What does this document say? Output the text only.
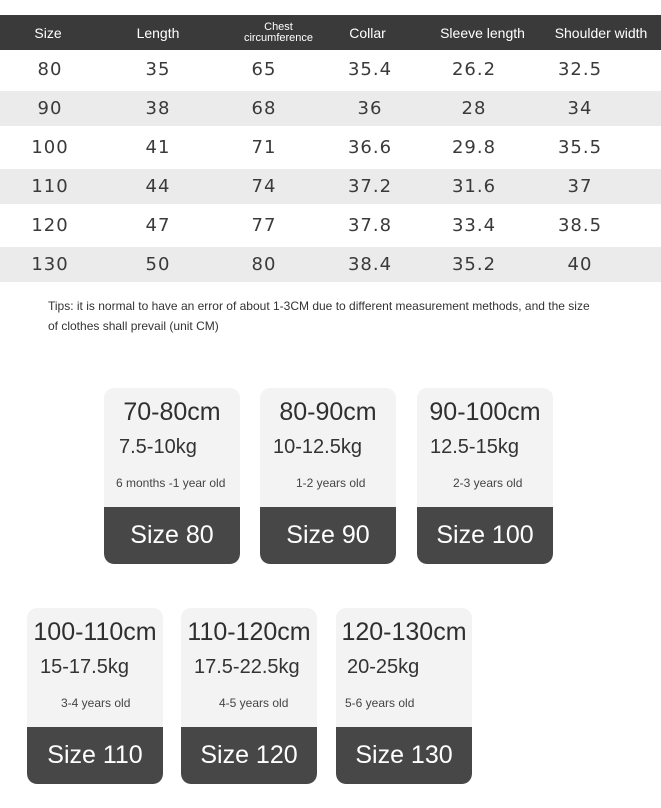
Size	Length	Chest circumference	Collar	Sleeve length	Shoulder width
80	35	65	35.4	26.2	32.5
90	38	68	36	28	34
100	41	71	36.6	29.8	35.5
110	44	74	37.2	31.6	37
120	47	77	37.8	33.4	38.5
130	50	80	38.4	35.2	40
Tips: it is normal to have an error of about 1-3CM due to different measurement methods, and the size
of clothes shall prevail (unit CM)
70-80cm
7.5-10kg
6 months -1 year old
Size 80
80-90cm
10-12.5kg
1-2 years old
Size 90
90-100cm
12.5-15kg
2-3 years old
Size 100
100-110cm
15-17.5kg
3-4 years old
Size 110
110-120cm
17.5-22.5kg
4-5 years old
Size 120
120-130cm
20-25kg
5-6 years old
Size 130
